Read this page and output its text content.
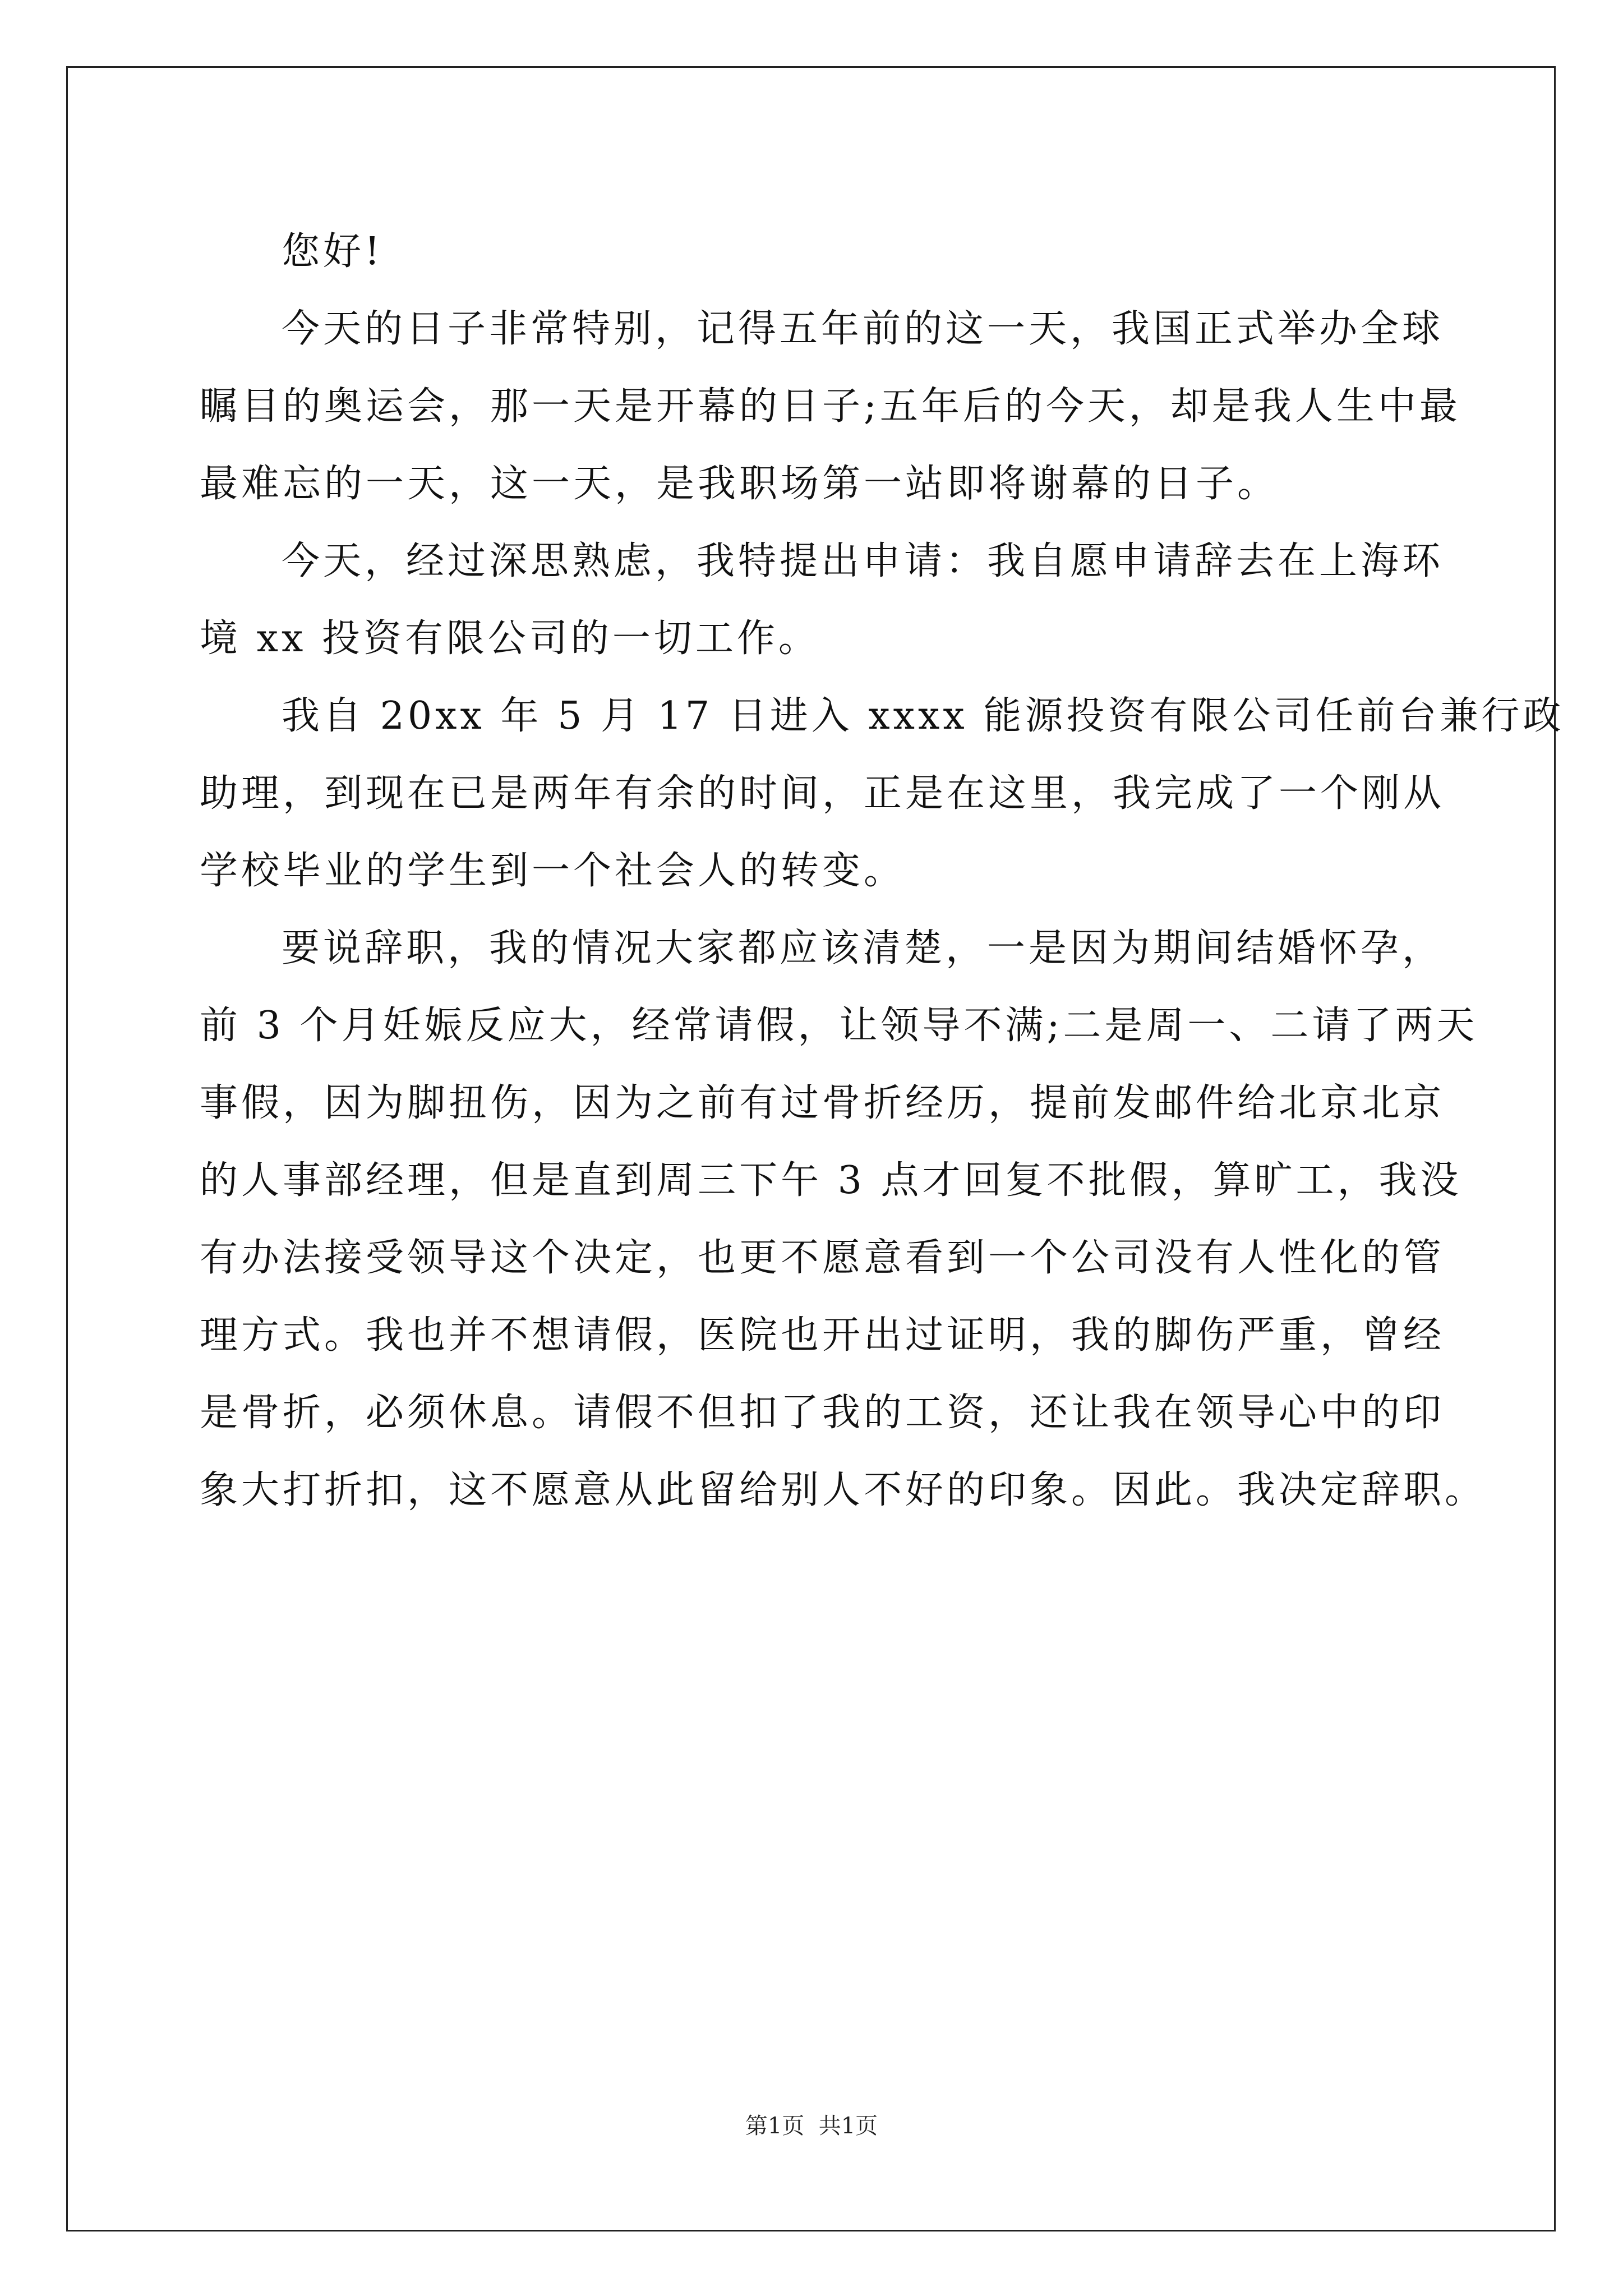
您好!
今天的日子非常特别，记得五年前的这一天，我国正式举办全球
瞩目的奥运会，那一天是开幕的日子;五年后的今天，却是我人生中最
最难忘的一天，这一天，是我职场第一站即将谢幕的日子。
今天，经过深思熟虑，我特提出申请：我自愿申请辞去在上海环
境 xx 投资有限公司的一切工作。
我自 20xx 年 5 月 17 日进入 xxxx 能源投资有限公司任前台兼行政
助理，到现在已是两年有余的时间，正是在这里，我完成了一个刚从
学校毕业的学生到一个社会人的转变。
要说辞职，我的情况大家都应该清楚，一是因为期间结婚怀孕，
前 3 个月妊娠反应大，经常请假，让领导不满;二是周一、二请了两天
事假，因为脚扭伤，因为之前有过骨折经历，提前发邮件给北京北京
的人事部经理，但是直到周三下午 3 点才回复不批假，算旷工，我没
有办法接受领导这个决定，也更不愿意看到一个公司没有人性化的管
理方式。我也并不想请假，医院也开出过证明，我的脚伤严重，曾经
是骨折，必须休息。请假不但扣了我的工资，还让我在领导心中的印
象大打折扣，这不愿意从此留给别人不好的印象。因此。我决定辞职。
第1页  共1页
